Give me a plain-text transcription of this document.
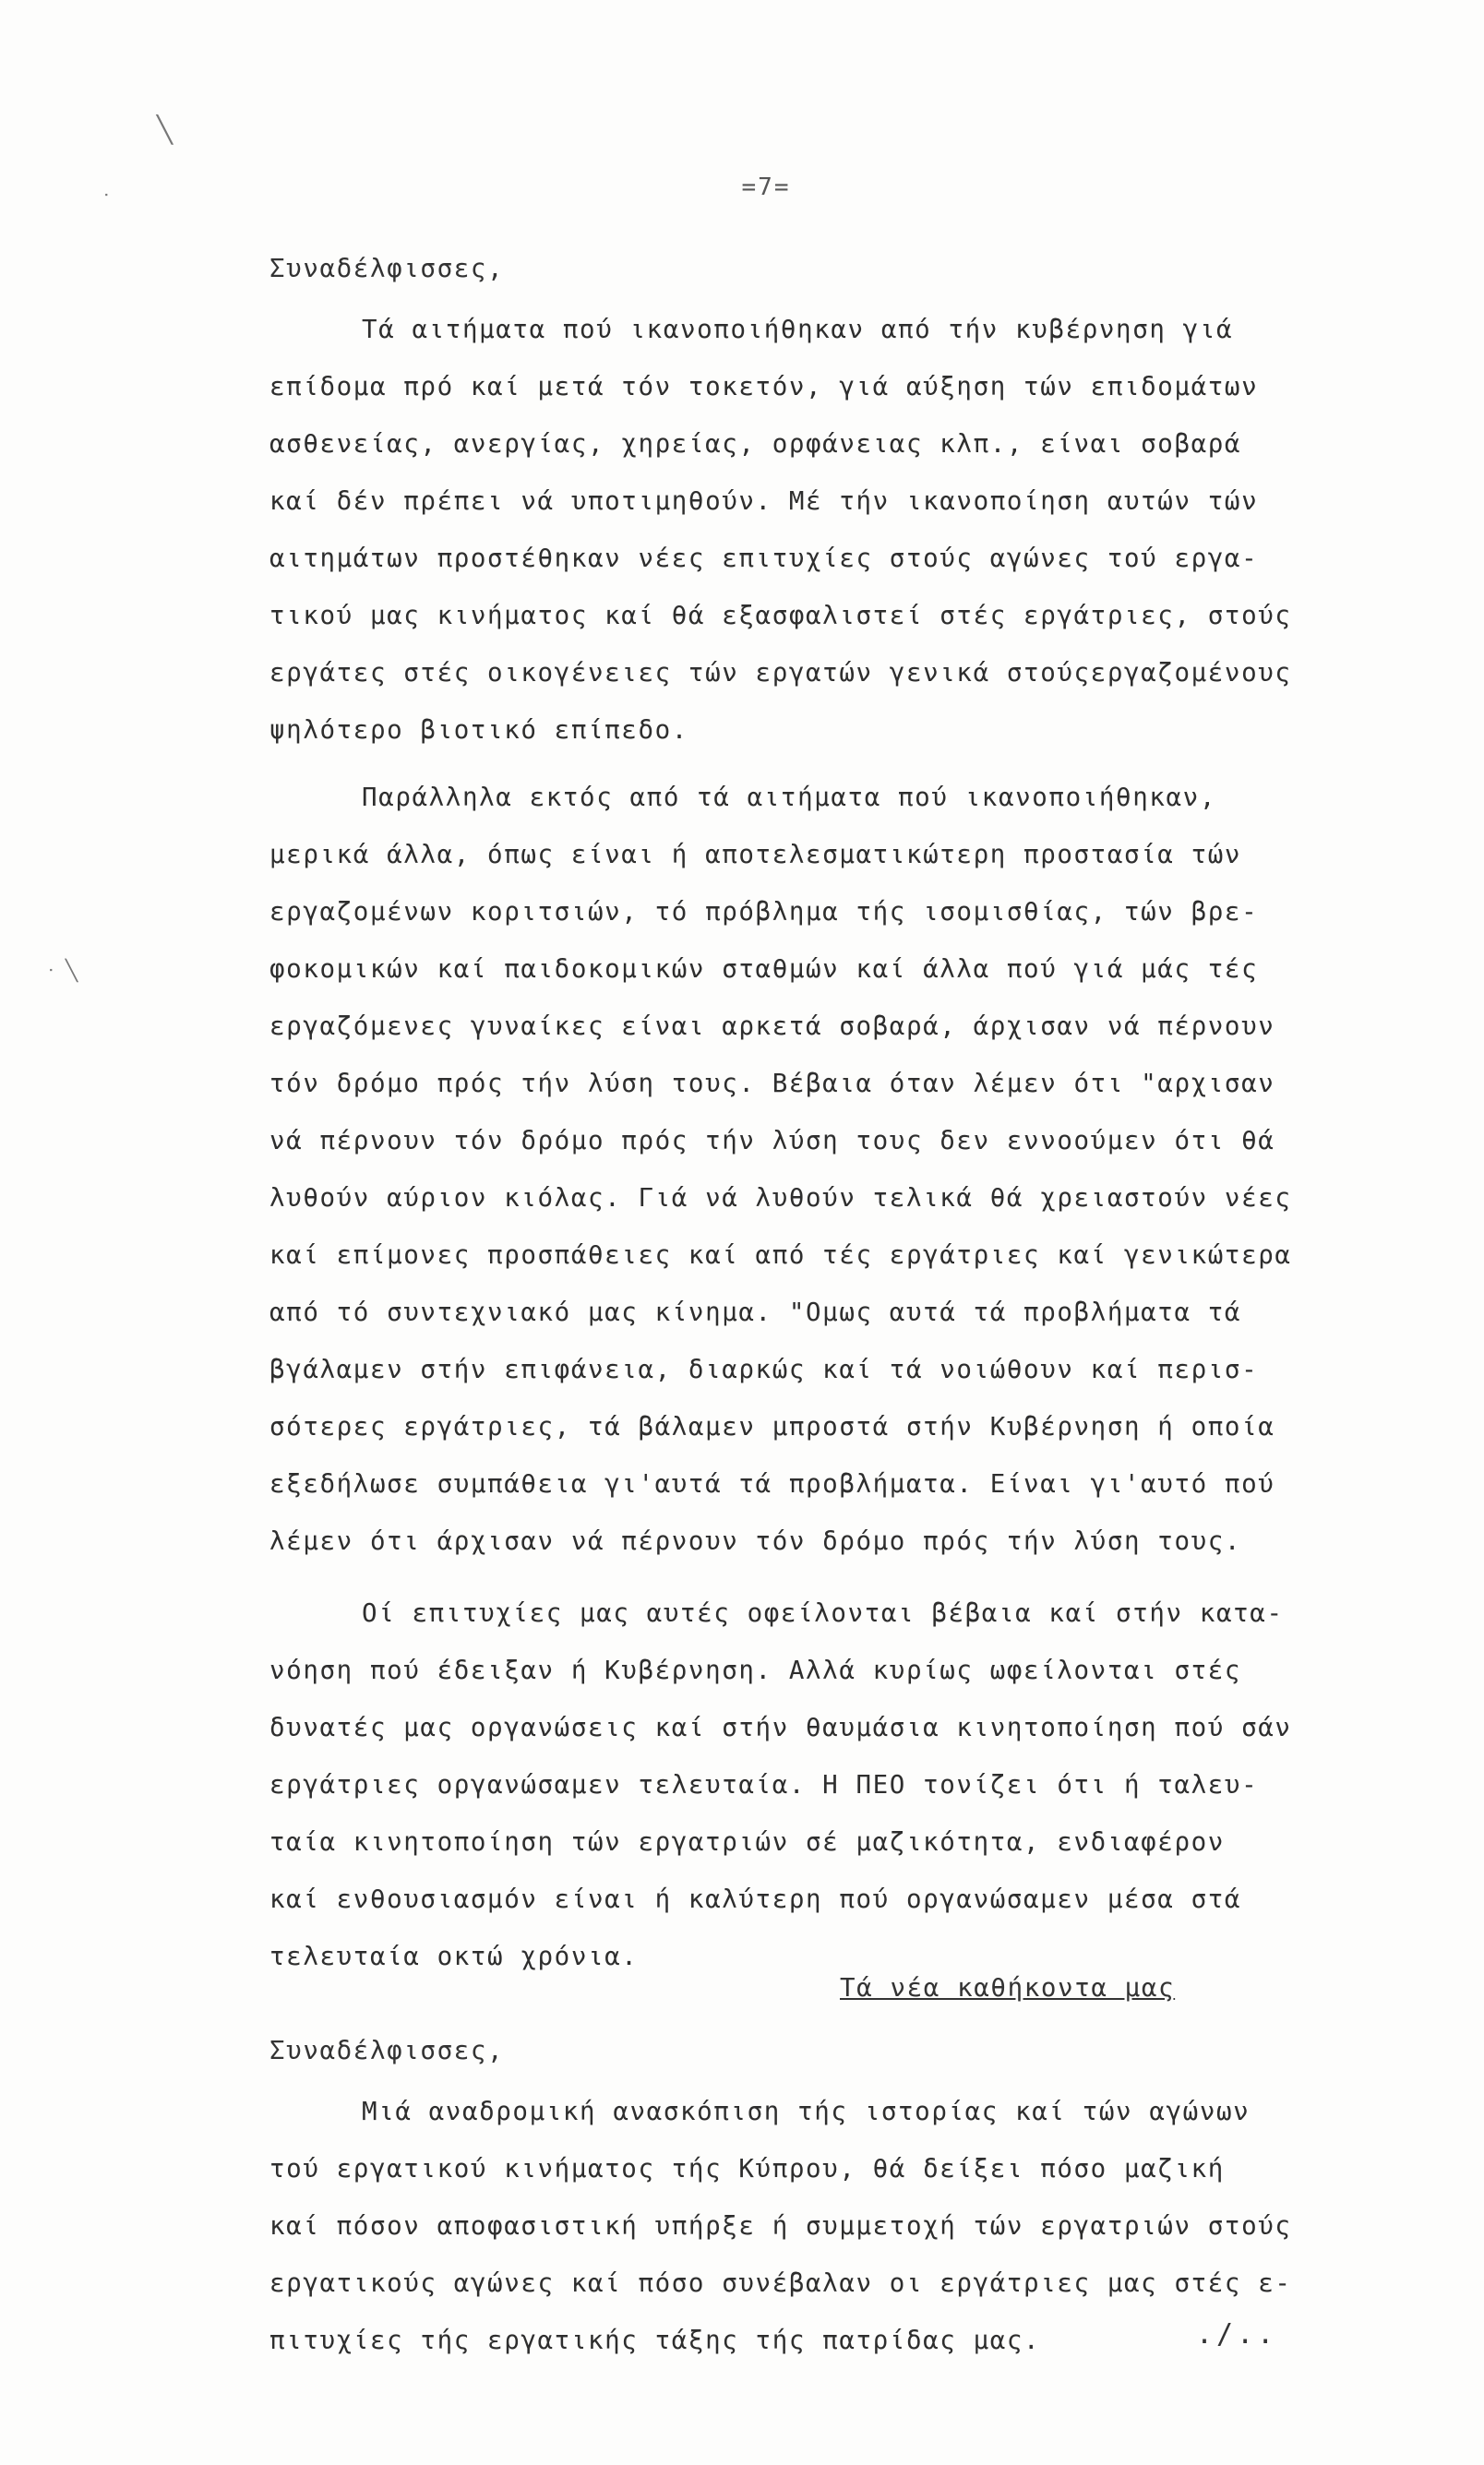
╲
ᐧ
ᐧ ╲
=7=
Συναδέλφισσες,
Τά αιτήματα πού ικανοποιήθηκαν από τήν κυβέρνηση γιά
επίδομα πρό καί μετά τόν τοκετόν, γιά αύξηση τών επιδομάτων
ασθενείας, ανεργίας, χηρείας, ορφάνειας κλπ., είναι σοβαρά
καί δέν πρέπει νά υποτιμηθούν. Μέ τήν ικανοποίηση αυτών τών
αιτημάτων προστέθηκαν νέες επιτυχίες στούς αγώνες τού εργα-
τικού μας κινήματος καί θά εξασφαλιστεί στές εργάτριες, στούς
εργάτες στές οικογένειες τών εργατών γενικά στούςεργαζομένους
ψηλότερο βιοτικό επίπεδο.
Παράλληλα εκτός από τά αιτήματα πού ικανοποιήθηκαν,
μερικά άλλα, όπως είναι ή αποτελεσματικώτερη προστασία τών
εργαζομένων κοριτσιών, τό πρόβλημα τής ισομισθίας, τών βρε-
φοκομικών καί παιδοκομικών σταθμών καί άλλα πού γιά μάς τές
εργαζόμενες γυναίκες είναι αρκετά σοβαρά, άρχισαν νά πέρνουν
τόν δρόμο πρός τήν λύση τους. Βέβαια όταν λέμεν ότι "αρχισαν
νά πέρνουν τόν δρόμο πρός τήν λύση τους δεν εννοούμεν ότι θά
λυθούν αύριον κιόλας. Γιά νά λυθούν τελικά θά χρειαστούν νέες
καί επίμονες προσπάθειες καί από τές εργάτριες καί γενικώτερα
από τό συντεχνιακό μας κίνημα. "Ομως αυτά τά προβλήματα τά
βγάλαμεν στήν επιφάνεια, διαρκώς καί τά νοιώθουν καί περισ-
σότερες εργάτριες, τά βάλαμεν μπροστά στήν Κυβέρνηση ή οποία
εξεδήλωσε συμπάθεια γι'αυτά τά προβλήματα. Είναι γι'αυτό πού
λέμεν ότι άρχισαν νά πέρνουν τόν δρόμο πρός τήν λύση τους.
Οί επιτυχίες μας αυτές οφείλονται βέβαια καί στήν κατα-
νόηση πού έδειξαν ή Κυβέρνηση. Αλλά κυρίως ωφείλονται στές
δυνατές μας οργανώσεις καί στήν θαυμάσια κινητοποίηση πού σάν
εργάτριες οργανώσαμεν τελευταία. Η ΠΕΟ τονίζει ότι ή ταλευ-
ταία κινητοποίηση τών εργατριών σέ μαζικότητα, ενδιαφέρον
καί ενθουσιασμόν είναι ή καλύτερη πού οργανώσαμεν μέσα στά
τελευταία οκτώ χρόνια.
Τά νέα καθήκοντα μας
Συναδέλφισσες,
Μιά αναδρομική ανασκόπιση τής ιστορίας καί τών αγώνων
τού εργατικού κινήματος τής Κύπρου, θά δείξει πόσο μαζική
καί πόσον αποφασιστική υπήρξε ή συμμετοχή τών εργατριών στούς
εργατικούς αγώνες καί πόσο συνέβαλαν οι εργάτριες μας στές ε-
πιτυχίες τής εργατικής τάξης τής πατρίδας μας.	./..
